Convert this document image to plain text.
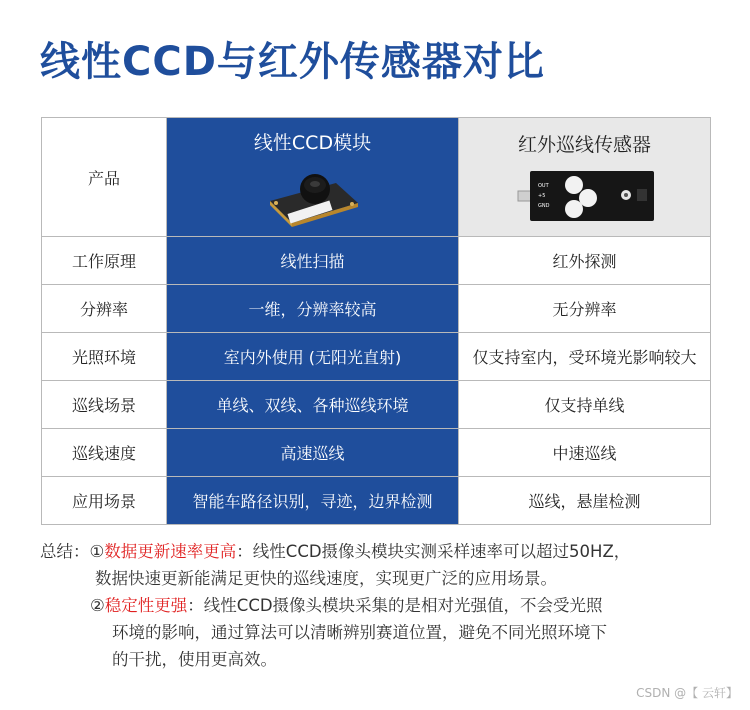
线性CCD与红外传感器对比
产品	线性CCD模块	红外巡线传感器
OUT
+5
GND

工作原理	线性扫描	红外探测
分辨率	一维，分辨率较高	无分辨率
光照环境	室内外使用 (无阳光直射)	仅支持室内，受环境光影响较大
巡线场景	单线、双线、各种巡线环境	仅支持单线
巡线速度	高速巡线	中速巡线
应用场景	智能车路径识别，寻迹，边界检测	巡线，悬崖检测
总结：①数据更新速率更高：线性CCD摄像头模块实测采样速率可以超过50HZ，
数据快速更新能满足更快的巡线速度，实现更广泛的应用场景。
②稳定性更强：线性CCD摄像头模块采集的是相对光强值，不会受光照
环境的影响，通过算法可以清晰辨别赛道位置，避免不同光照环境下
的干扰，使用更高效。
CSDN @【 云轩】
